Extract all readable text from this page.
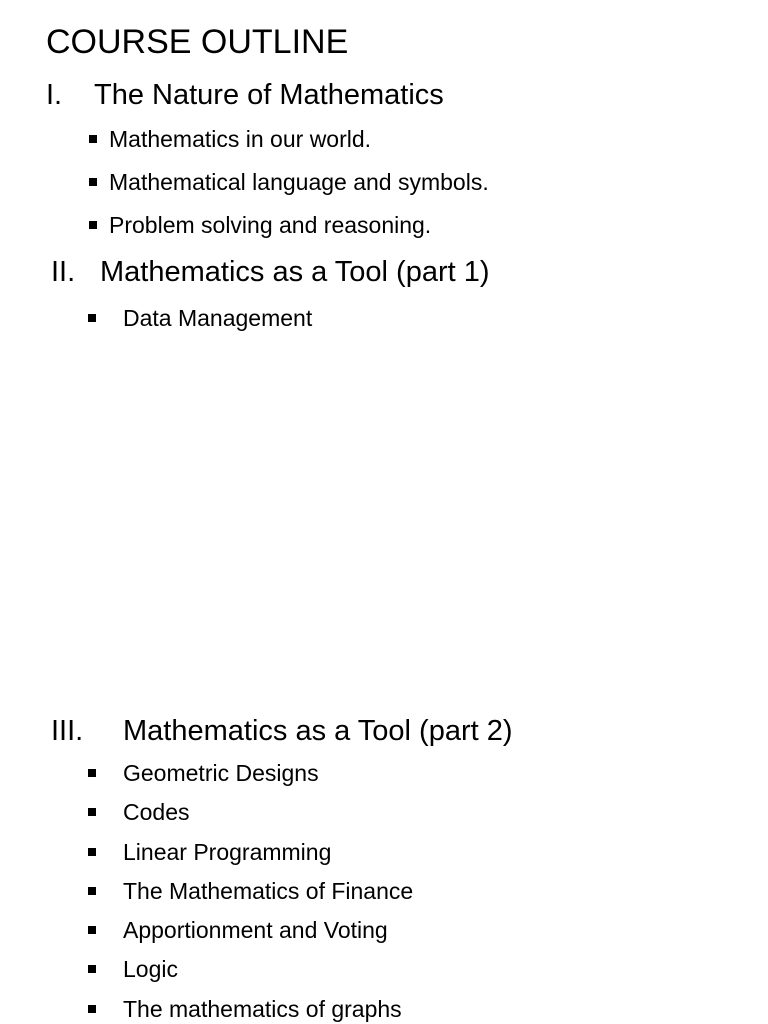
COURSE OUTLINE
I. The Nature of Mathematics
Mathematics in our world.
Mathematical language and symbols.
Problem solving and reasoning.
II. Mathematics as a Tool (part 1)
Data Management
III. Mathematics as a Tool (part 2)
Geometric Designs
Codes
Linear Programming
The Mathematics of Finance
Apportionment and Voting
Logic
The mathematics of graphs
